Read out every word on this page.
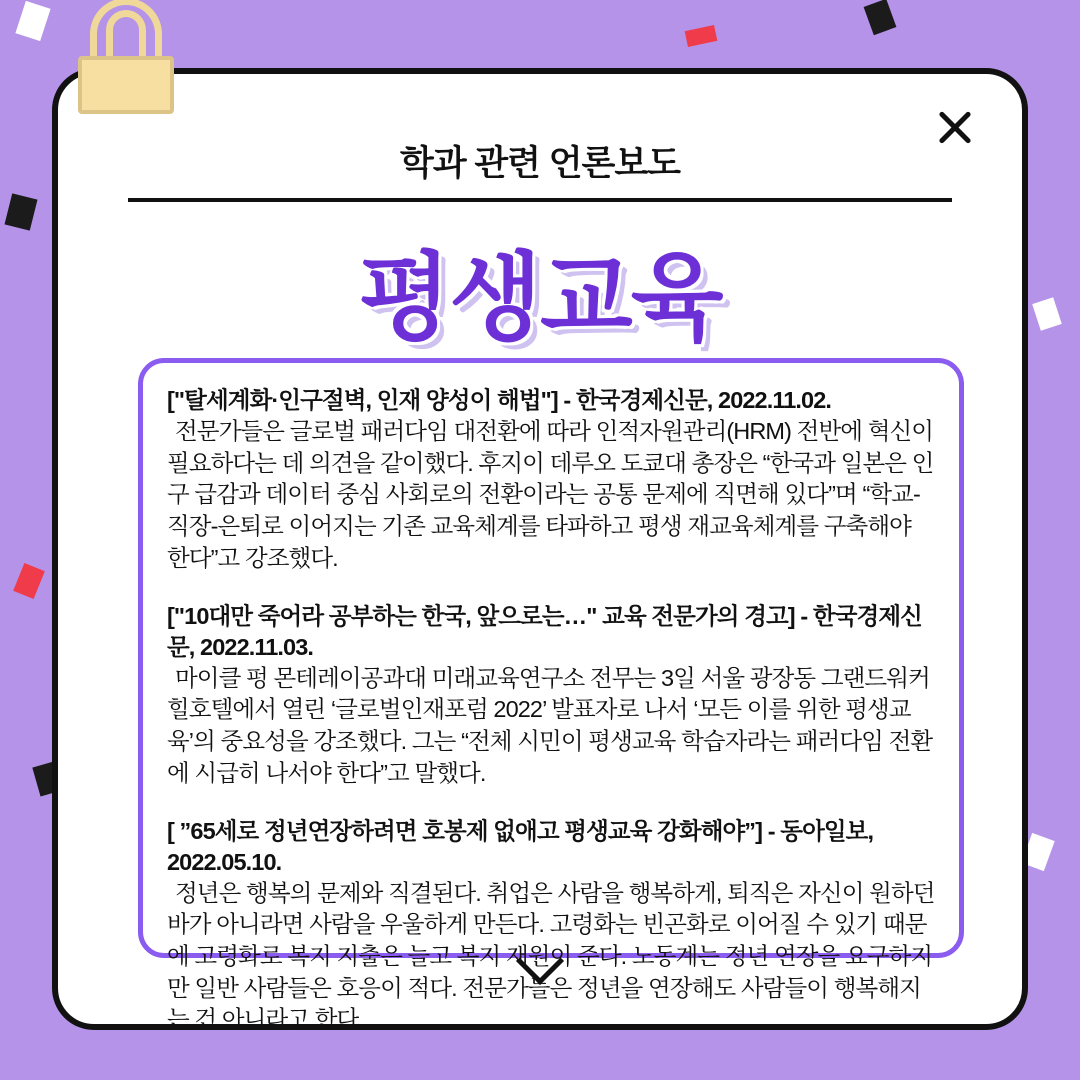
학과 관련 언론보도
평생교육
["탈세계화·인구절벽, 인재 양성이 해법"] - 한국경제신문, 2022.11.02.
전문가들은 글로벌 패러다임 대전환에 따라 인적자원관리(HRM) 전반에 혁신이 필요하다는 데 의견을 같이했다. 후지이 데루오 도쿄대 총장은 “한국과 일본은 인구 급감과 데이터 중심 사회로의 전환이라는 공통 문제에 직면해 있다”며 “학교-직장-은퇴로 이어지는 기존 교육체계를 타파하고 평생 재교육체계를 구축해야 한다”고 강조했다.
["10대만 죽어라 공부하는 한국, 앞으로는…" 교육 전문가의 경고] - 한국경제신문, 2022.11.03.
마이클 펑 몬테레이공과대 미래교육연구소 전무는 3일 서울 광장동 그랜드워커힐호텔에서 열린 ‘글로벌인재포럼 2022’ 발표자로 나서 ‘모든 이를 위한 평생교육’의 중요성을 강조했다. 그는 “전체 시민이 평생교육 학습자라는 패러다임 전환에 시급히 나서야 한다”고 말했다.
[ ”65세로 정년연장하려면 호봉제 없애고 평생교육 강화해야”] - 동아일보, 2022.05.10.
정년은 행복의 문제와 직결된다. 취업은 사람을 행복하게, 퇴직은 자신이 원하던 바가 아니라면 사람을 우울하게 만든다. 고령화는 빈곤화로 이어질 수 있기 때문에 고령화로 복지 지출은 늘고 복지 재원이 준다. 노동계는 정년 연장을 요구하지만 일반 사람들은 호응이 적다. 전문가들은 정년을 연장해도 사람들이 행복해지는 건 아니라고 한다.
